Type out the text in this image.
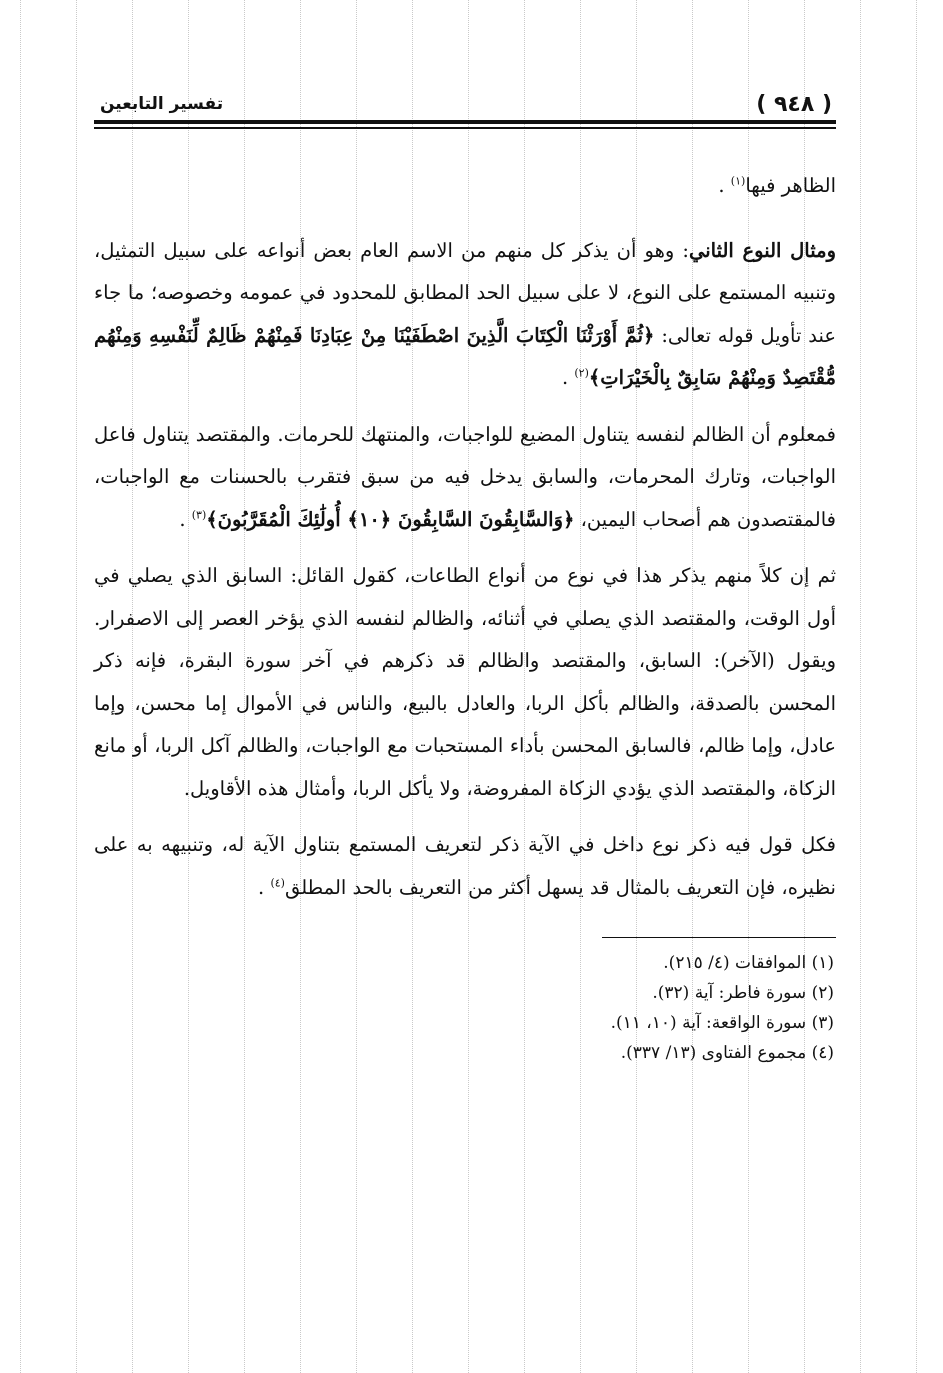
( ٩٤٨ )
تفسير التابعين

الظاهر فيها$^{(١)}$ .

ومثال النوع الثاني: وهو أن يذكر كل منهم من الاسم العام بعض أنواعه على سبيل التمثيل، وتنبيه المستمع على النوع، لا على سبيل الحد المطابق للمحدود في عمومه وخصوصه؛ ما جاء عند تأويل قوله تعالى: ﴿ثُمَّ أَوْرَثْنَا الْكِتَابَ الَّذِينَ اصْطَفَيْنَا مِنْ عِبَادِنَا فَمِنْهُمْ ظَالِمٌ لِّنَفْسِهِ وَمِنْهُم مُّقْتَصِدٌ وَمِنْهُمْ سَابِقٌ بِالْخَيْرَاتِ﴾$^{(٢)}$ .

فمعلوم أن الظالم لنفسه يتناول المضيع للواجبات، والمنتهك للحرمات. والمقتصد يتناول فاعل الواجبات، وتارك المحرمات، والسابق يدخل فيه من سبق فتقرب بالحسنات مع الواجبات، فالمقتصدون هم أصحاب اليمين، ﴿وَالسَّابِقُونَ السَّابِقُونَ ﴿١٠﴾ أُولَٰئِكَ الْمُقَرَّبُونَ﴾$^{(٣)}$ .

ثم إن كلاً منهم يذكر هذا في نوع من أنواع الطاعات، كقول القائل: السابق الذي يصلي في أول الوقت، والمقتصد الذي يصلي في أثنائه، والظالم لنفسه الذي يؤخر العصر إلى الاصفرار. ويقول (الآخر): السابق، والمقتصد والظالم قد ذكرهم في آخر سورة البقرة، فإنه ذكر المحسن بالصدقة، والظالم بأكل الربا، والعادل بالبيع، والناس في الأموال إما محسن، وإما عادل، وإما ظالم، فالسابق المحسن بأداء المستحبات مع الواجبات، والظالم آكل الربا، أو مانع الزكاة، والمقتصد الذي يؤدي الزكاة المفروضة، ولا يأكل الربا، وأمثال هذه الأقاويل.

فكل قول فيه ذكر نوع داخل في الآية ذكر لتعريف المستمع بتناول الآية له، وتنبيهه به على نظيره، فإن التعريف بالمثال قد يسهل أكثر من التعريف بالحد المطلق$^{(٤)}$ .

(١) الموافقات (٤/ ٢١٥).
(٢) سورة فاطر: آية (٣٢).
(٣) سورة الواقعة: آية (١٠، ١١).
(٤) مجموع الفتاوى (١٣/ ٣٣٧).
